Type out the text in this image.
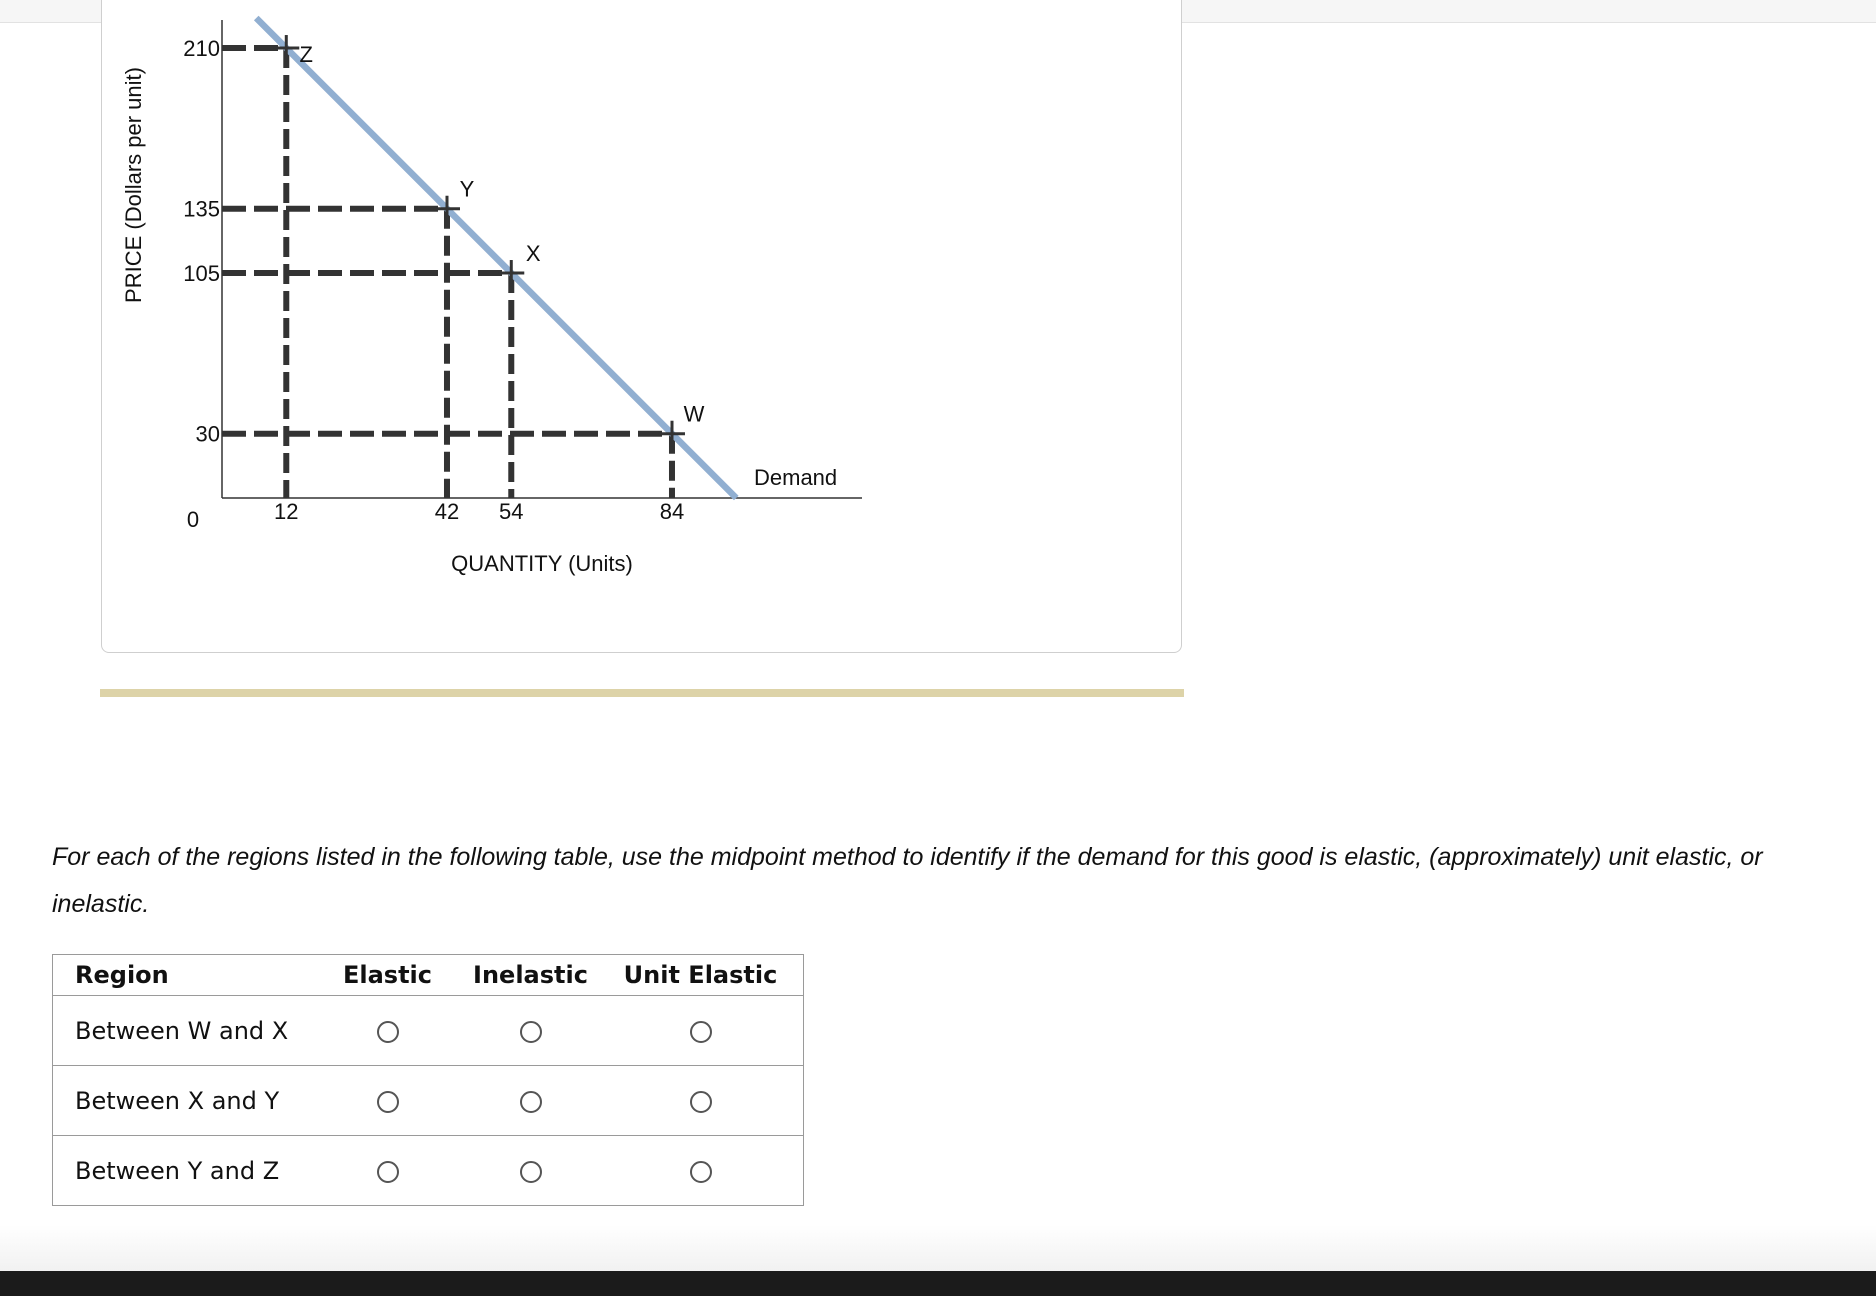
Z
Y
X
W
30
105
135
210
12	42 54	84
0
QUANTITY (Units)
PRICE (Dollars per unit)
Demand

For each of the regions listed in the following table, use the midpoint method to identify if the demand for this good is elastic, (approximately) unit elastic, or inelastic.

Region	Elastic	Inelastic	Unit Elastic
Between W and X			
Between X and Y			
Between Y and Z			
